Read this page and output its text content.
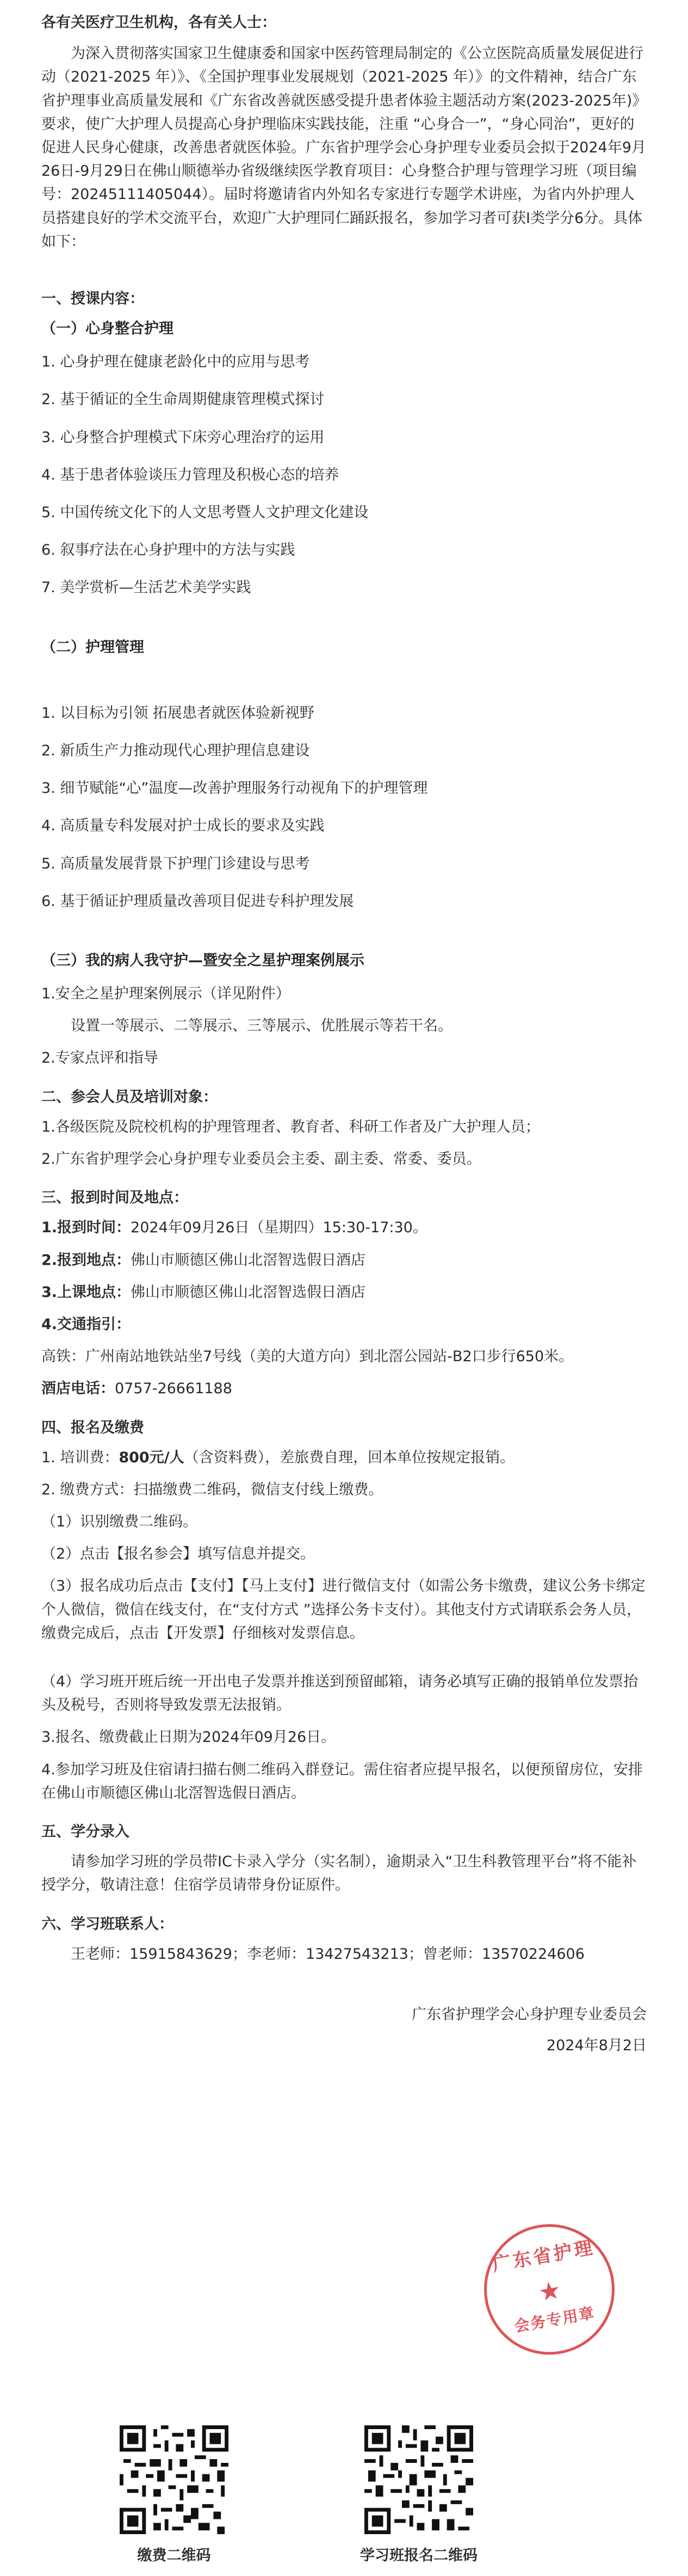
各有关医疗卫生机构，各有关人士：

为深入贯彻落实国家卫生健康委和国家中医药管理局制定的《公立医院高质量发展促进行动（2021-2025 年）》、《全国护理事业发展规划（2021-2025 年）》的文件精神，结合广东省护理事业高质量发展和《广东省改善就医感受提升患者体验主题活动方案(2023-2025年)》要求，使广大护理人员提高心身护理临床实践技能，注重 “心身合一”，“身心同治”，更好的促进人民身心健康，改善患者就医体验。广东省护理学会心身护理专业委员会拟于2024年9月26日-9月29日在佛山顺德举办省级继续医学教育项目：心身整合护理与管理学习班（项目编号：20245111405044）。届时将邀请省内外知名专家进行专题学术讲座，为省内外护理人员搭建良好的学术交流平台，欢迎广大护理同仁踊跃报名，参加学习者可获Ⅰ类学分6分。具体如下：

一、授课内容：

（一）心身整合护理

1. 心身护理在健康老龄化中的应用与思考

2. 基于循证的全生命周期健康管理模式探讨

3. 心身整合护理模式下床旁心理治疗的运用

4. 基于患者体验谈压力管理及积极心态的培养

5. 中国传统文化下的人文思考暨人文护理文化建设

6. 叙事疗法在心身护理中的方法与实践

7. 美学赏析—生活艺术美学实践

（二）护理管理

1. 以目标为引领 拓展患者就医体验新视野

2. 新质生产力推动现代心理护理信息建设

3. 细节赋能“心”温度—改善护理服务行动视角下的护理管理

4. 高质量专科发展对护士成长的要求及实践

5. 高质量发展背景下护理门诊建设与思考

6. 基于循证护理质量改善项目促进专科护理发展

（三）我的病人我守护—暨安全之星护理案例展示

1.安全之星护理案例展示（详见附件）

设置一等展示、二等展示、三等展示、优胜展示等若干名。

2.专家点评和指导

二、参会人员及培训对象：

1.各级医院及院校机构的护理管理者、教育者、科研工作者及广大护理人员；

2.广东省护理学会心身护理专业委员会主委、副主委、常委、委员。

三、报到时间及地点：

1.报到时间：2024年09月26日（星期四）15:30-17:30。

2.报到地点：佛山市顺德区佛山北滘智选假日酒店

3.上课地点：佛山市顺德区佛山北滘智选假日酒店

4.交通指引：

高铁：广州南站地铁站坐7号线（美的大道方向）到北滘公园站-B2口步行650米。

酒店电话：0757-26661188

四、报名及缴费

1. 培训费：800元/人（含资料费），差旅费自理，回本单位按规定报销。

2. 缴费方式：扫描缴费二维码，微信支付线上缴费。

（1）识别缴费二维码。

（2）点击【报名参会】填写信息并提交。

（3）报名成功后点击【支付】【马上支付】进行微信支付（如需公务卡缴费，建议公务卡绑定个人微信，微信在线支付，在“支付方式 ”选择公务卡支付）。其他支付方式请联系会务人员，缴费完成后，点击【开发票】仔细核对发票信息。

（4）学习班开班后统一开出电子发票并推送到预留邮箱，请务必填写正确的报销单位发票抬头及税号，否则将导致发票无法报销。

3.报名、缴费截止日期为2024年09月26日。

4.参加学习班及住宿请扫描右侧二维码入群登记。需住宿者应提早报名，以便预留房位，安排在佛山市顺德区佛山北滘智选假日酒店。

五、学分录入

请参加学习班的学员带IC卡录入学分（实名制），逾期录入“卫生科教管理平台”将不能补授学分，敬请注意！住宿学员请带身份证原件。

六、学习班联系人：

王老师：15915843629；李老师：13427543213；曾老师：13570224606

广东省护理学会心身护理专业委员会

2024年8月2日

广东省护理
★
会务专用章
缴费二维码	学习班报名二维码
